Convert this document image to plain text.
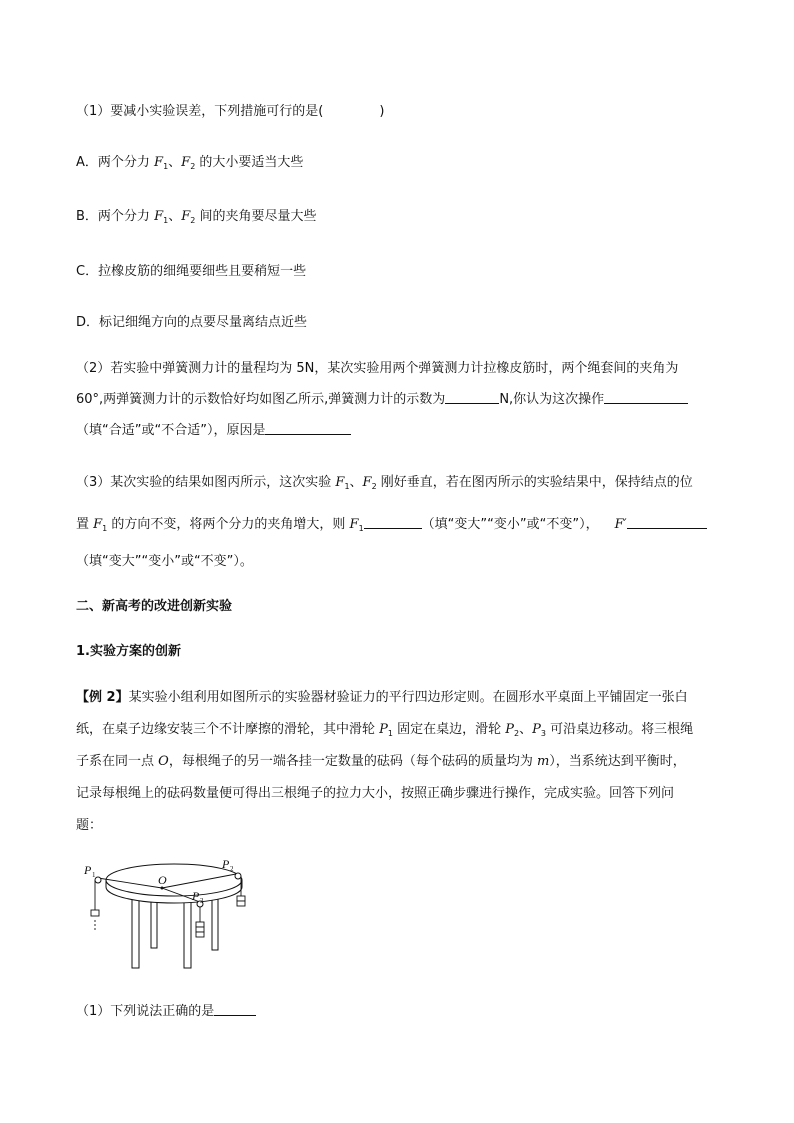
（1）要减小实验误差，下列措施可行的是(	)
A．两个分力 $F_1$、$F_2$ 的大小要适当大些
B．两个分力 $F_1$、$F_2$ 间的夹角要尽量大些
C．拉橡皮筋的细绳要细些且要稍短一些
D．标记细绳方向的点要尽量离结点近些
（2）若实验中弹簧测力计的量程均为 5N，某次实验用两个弹簧测力计拉橡皮筋时，两个绳套间的夹角为
60°,两弹簧测力计的示数恰好均如图乙所示,弹簧测力计的示数为	N,你认为这次操作
（填“合适”或“不合适”），原因是
（3）某次实验的结果如图丙所示，这次实验 $F_1$、$F_2$ 刚好垂直，若在图丙所示的实验结果中，保持结点的位
置 $F_1$ 的方向不变，将两个分力的夹角增大，则 $F_1$	（填“变大”“变小”或“不变”）， F′
（填“变大”“变小”或“不变”）。
二、新高考的改进创新实验
1.实验方案的创新
【例 2】某实验小组利用如图所示的实验器材验证力的平行四边形定则。在圆形水平桌面上平铺固定一张白
纸，在桌子边缘安装三个不计摩擦的滑轮，其中滑轮 $P_1$ 固定在桌边，滑轮 $P_2$、$P_3$ 可沿桌边移动。将三根绳
子系在同一点 O，每根绳子的另一端各挂一定数量的砝码（每个砝码的质量均为 m），当系统达到平衡时，
记录每根绳上的砝码数量便可得出三根绳子的拉力大小，按照正确步骤进行操作，完成实验。回答下列问
题：
P	P
P
O
1
2
3
（1）下列说法正确的是
